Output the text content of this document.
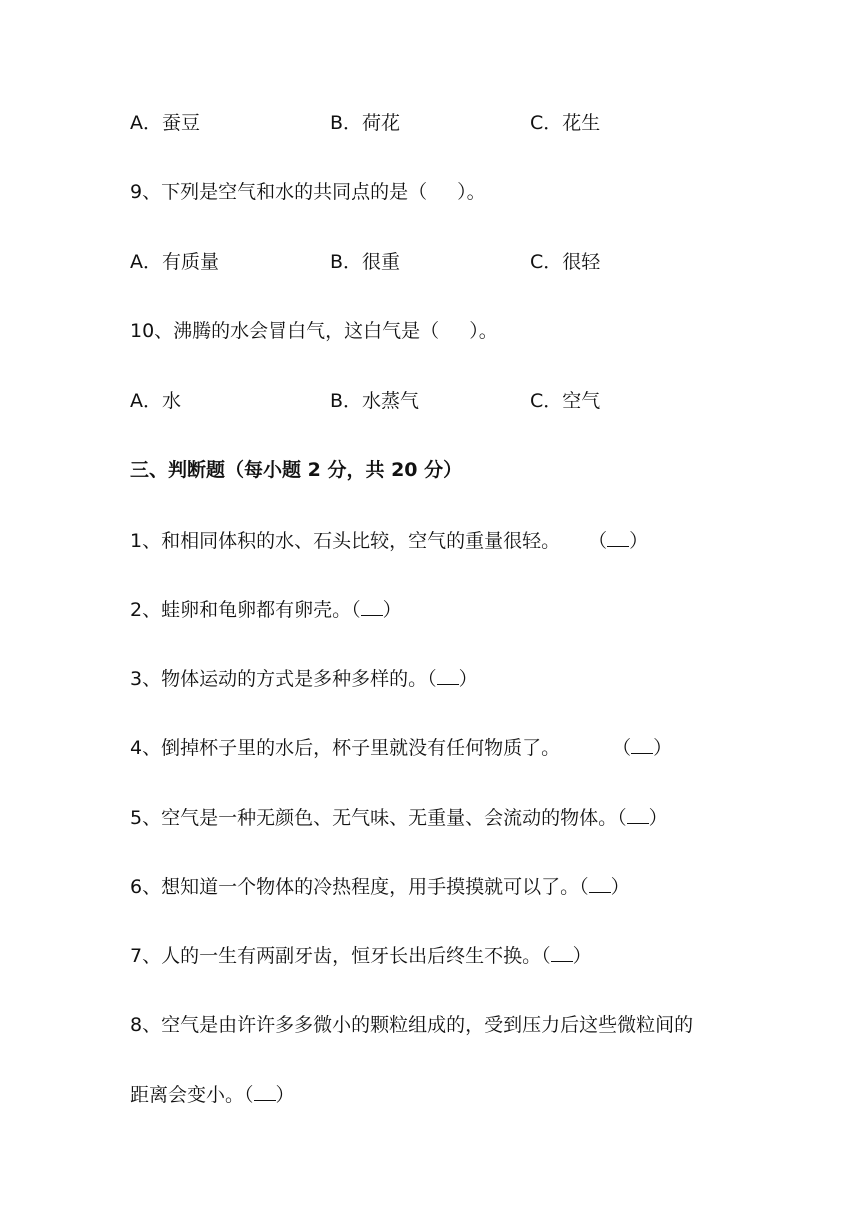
A．蚕豆	B．荷花	C．花生
9、下列是空气和水的共同点的是（ ）。
A．有质量	B．很重	C．很轻
10、沸腾的水会冒白气，这白气是（ ）。
A．水	B．水蒸气	C．空气
三、判断题（每小题 2 分，共 20 分）
1、和相同体积的水、石头比较，空气的重量很轻。 （ ）
2、蛙卵和龟卵都有卵壳。（ ）
3、物体运动的方式是多种多样的。（ ）
4、倒掉杯子里的水后，杯子里就没有任何物质了。	（ ）
5、空气是一种无颜色、无气味、无重量、会流动的物体。（ ）
6、想知道一个物体的冷热程度，用手摸摸就可以了。（ ）
7、人的一生有两副牙齿，恒牙长出后终生不换。（ ）
8、空气是由许许多多微小的颗粒组成的，受到压力后这些微粒间的
距离会变小。（ ）
